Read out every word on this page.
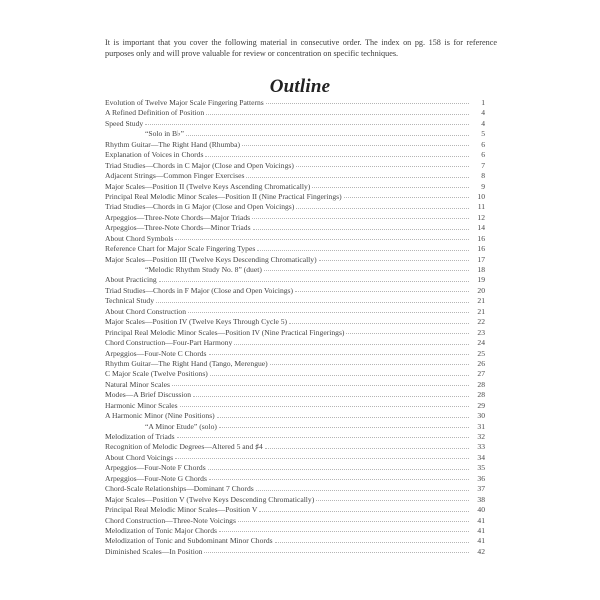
It is important that you cover the following material in consecutive order. The index on pg. 158 is for reference purposes only and will prove valuable for review or concentration on specific techniques.

Outline
Evolution of Twelve Major Scale Fingering Patterns	1
A Refined Definition of Position	4
Speed Study	4
“Solo in B♭”	5
Rhythm Guitar—The Right Hand (Rhumba)	6
Explanation of Voices in Chords	6
Triad Studies—Chords in C Major (Close and Open Voicings)	7
Adjacent Strings—Common Finger Exercises	8
Major Scales—Position II (Twelve Keys Ascending Chromatically)	9
Principal Real Melodic Minor Scales—Position II (Nine Practical Fingerings)	10
Triad Studies—Chords in G Major (Close and Open Voicings)	11
Arpeggios—Three-Note Chords—Major Triads	12
Arpeggios—Three-Note Chords—Minor Triads	14
About Chord Symbols	16
Reference Chart for Major Scale Fingering Types	16
Major Scales—Position III (Twelve Keys Descending Chromatically)	17
“Melodic Rhythm Study No. 8” (duet)	18
About Practicing	19
Triad Studies—Chords in F Major (Close and Open Voicings)	20
Technical Study	21
About Chord Construction	21
Major Scales—Position IV (Twelve Keys Through Cycle 5)	22
Principal Real Melodic Minor Scales—Position IV (Nine Practical Fingerings)	23
Chord Construction—Four-Part Harmony	24
Arpeggios—Four-Note C Chords	25
Rhythm Guitar—The Right Hand (Tango, Merengue)	26
C Major Scale (Twelve Positions)	27
Natural Minor Scales	28
Modes—A Brief Discussion	28
Harmonic Minor Scales	29
A Harmonic Minor (Nine Positions)	30
“A Minor Etude” (solo)	31
Melodization of Triads	32
Recognition of Melodic Degrees—Altered 5 and ♯4	33
About Chord Voicings	34
Arpeggios—Four-Note F Chords	35
Arpeggios—Four-Note G Chords	36
Chord-Scale Relationships—Dominant 7 Chords	37
Major Scales—Position V (Twelve Keys Descending Chromatically)	38
Principal Real Melodic Minor Scales—Position V	40
Chord Construction—Three-Note Voicings	41
Melodization of Tonic Major Chords	41
Melodization of Tonic and Subdominant Minor Chords	41
Diminished Scales—In Position	42
